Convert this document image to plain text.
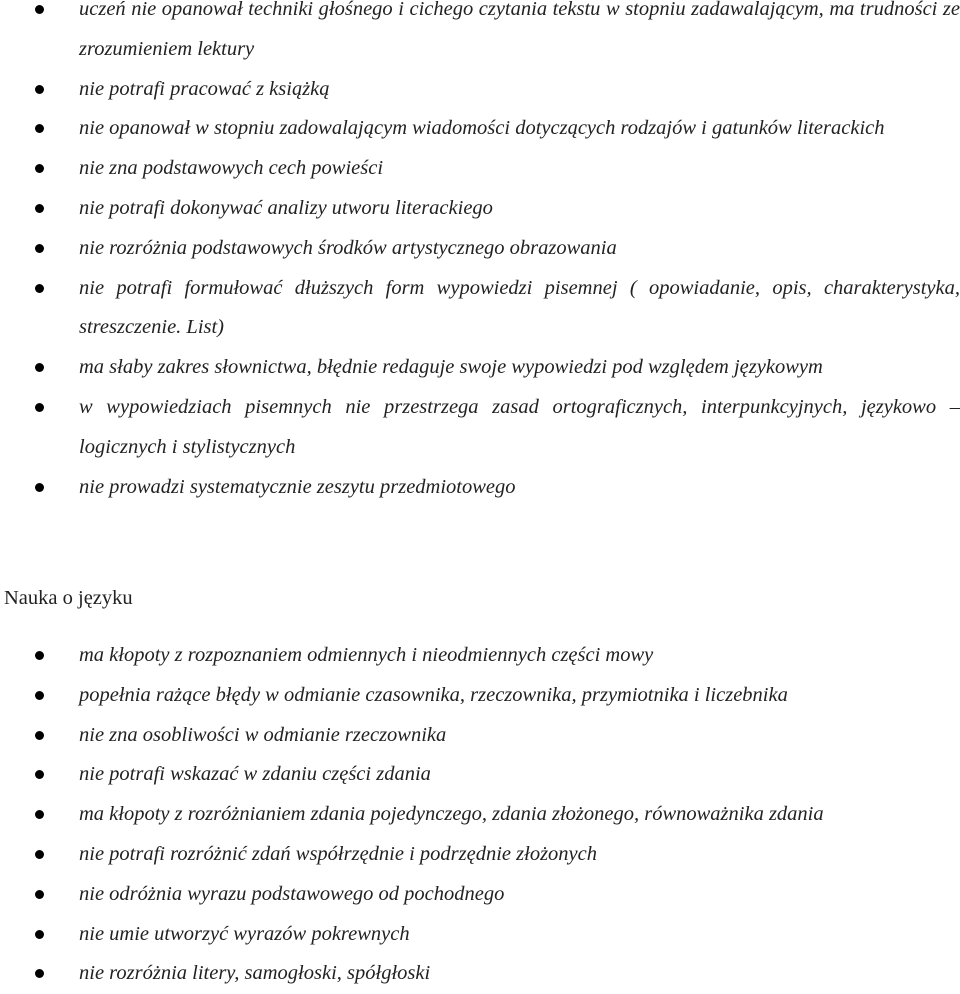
uczeń nie opanował techniki głośnego i cichego czytania tekstu w stopniu zadawalającym, ma trudności ze zrozumieniem lektury
nie potrafi pracować z książką
nie opanował w stopniu zadowalającym wiadomości dotyczących rodzajów i gatunków literackich
nie zna podstawowych cech powieści
nie potrafi dokonywać analizy utworu literackiego
nie rozróżnia podstawowych środków artystycznego obrazowania
nie potrafi formułować dłuższych form wypowiedzi pisemnej ( opowiadanie, opis, charakterystyka, streszczenie. List)
ma słaby zakres słownictwa, błędnie redaguje swoje wypowiedzi pod względem językowym
w wypowiedziach pisemnych nie przestrzega zasad ortograficznych, interpunkcyjnych, językowo – logicznych i stylistycznych
nie prowadzi systematycznie zeszytu przedmiotowego
Nauka o języku
ma kłopoty z rozpoznaniem odmiennych i nieodmiennych części mowy
popełnia rażące błędy w odmianie czasownika, rzeczownika, przymiotnika i liczebnika
nie zna osobliwości w odmianie rzeczownika
nie potrafi wskazać w zdaniu części zdania
ma kłopoty z rozróżnianiem zdania pojedynczego, zdania złożonego, równoważnika zdania
nie potrafi rozróżnić zdań współrzędnie i podrzędnie złożonych
nie odróżnia wyrazu podstawowego od pochodnego
nie umie utworzyć wyrazów pokrewnych
nie rozróżnia litery, samogłoski, spółgłoski
